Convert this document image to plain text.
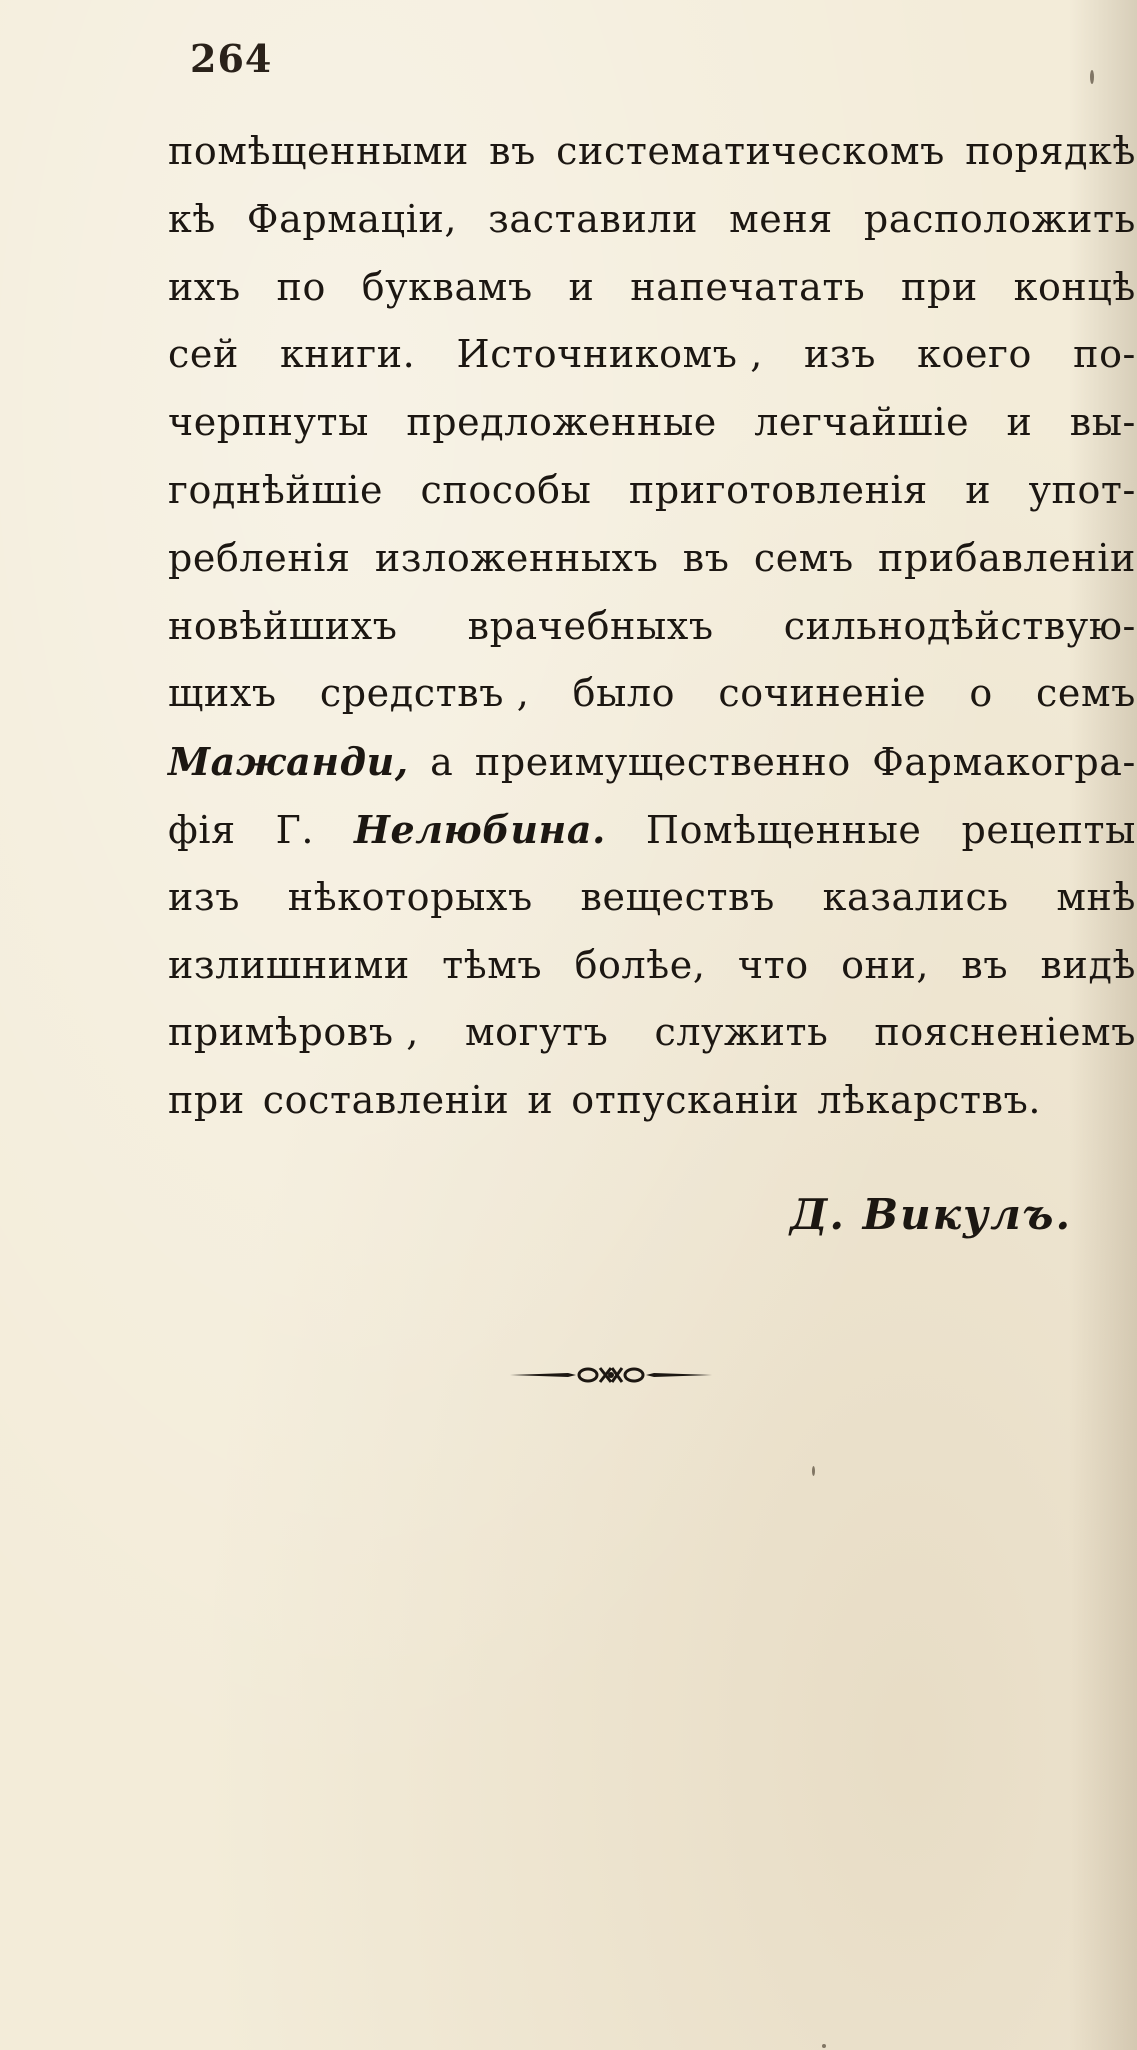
264
помѣщенными въ систематическомъ порядкѣ
кѣ Фармаціи, заставили меня расположить
ихъ по буквамъ и напечатать при концѣ
сей книги. Источникомъ , изъ коего по-
черпнуты предложенные легчайшіе и вы-
годнѣйшіе способы приготовленія и упот-
ребленія изложенныхъ въ семъ прибавленіи
новѣйшихъ врачебныхъ сильнодѣйствую-
щихъ средствъ , было сочиненіе о семъ
Мажанди, а преимущественно Фармакогра-
фія Г. Нелюбина. Помѣщенные рецепты
изъ нѣкоторыхъ веществъ казались мнѣ
излишними тѣмъ болѣе, что они, въ видѣ
примѣровъ , могутъ служить поясненіемъ
при составленіи и отпусканіи лѣкарствъ.
Д. Викулъ.
